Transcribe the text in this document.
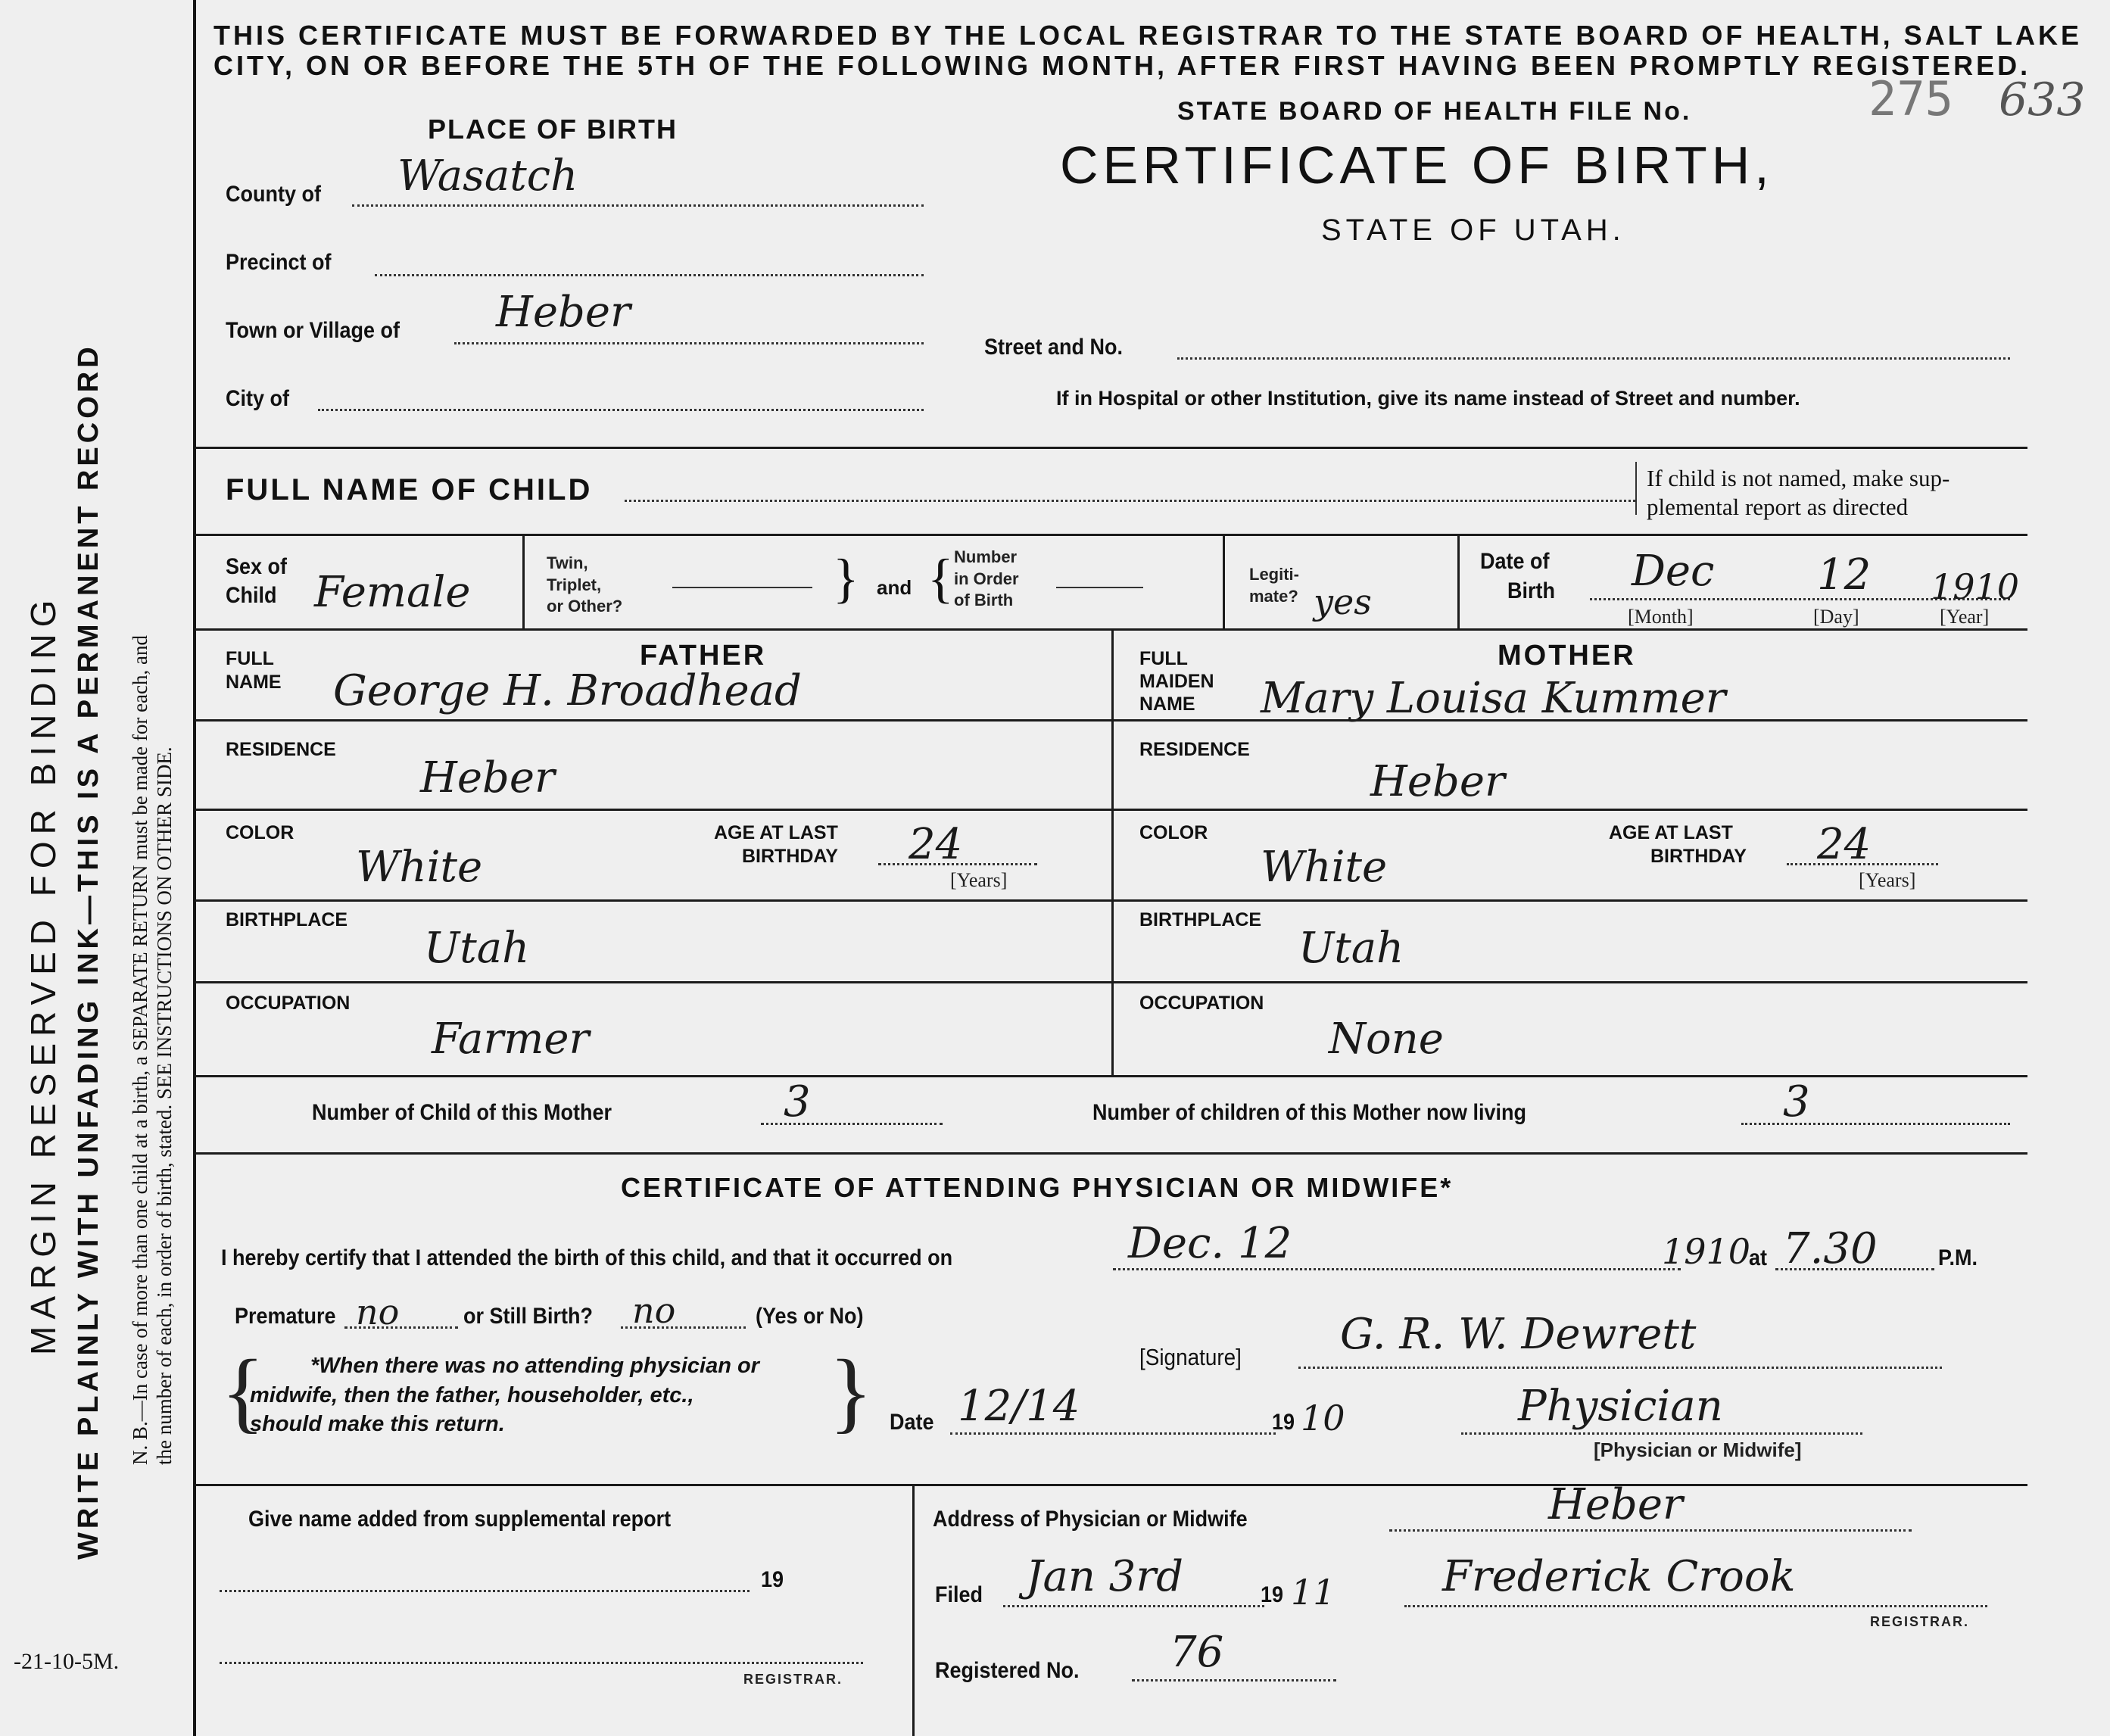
MARGIN RESERVED FOR BINDING WRITE PLAINLY WITH UNFADING INK—THIS IS A PERMANENT RECORD N. B.—In case of more than one child at a birth, a SEPARATE RETURN must be made for each, and the number of each, in order of birth, stated. SEE INSTRUCTIONS ON OTHER SIDE.
-21-10-5M.
THIS CERTIFICATE MUST BE FORWARDED BY THE LOCAL REGISTRAR TO THE STATE BOARD OF HEALTH, SALT LAKE
CITY, ON OR BEFORE THE 5TH OF THE FOLLOWING MONTH, AFTER FIRST HAVING BEEN PROMPTLY REGISTERED.
STATE BOARD OF HEALTH FILE No.	275 633
CERTIFICATE OF BIRTH,
STATE OF UTAH.
PLACE OF BIRTH
County of Wasatch
Precinct of
Town or Village of Heber
City of
Street and No.
If in Hospital or other Institution, give its name instead of Street and number.
FULL NAME OF CHILD	If child is not named, make sup-
plemental report as directed
Sex of
Child Female
Twin,
Triplet,
or Other?	} and { Number
in Order
of Birth
Legiti-
mate? yes
Date of
Birth Dec 12 1910
[Month]	[Day]	[Year]
FATHER
FULL
NAME George H. Broadhead
RESIDENCE
Heber
COLOR
White
AGE AT LAST
BIRTHDAY 24
[Years]
BIRTHPLACE
Utah
OCCUPATION
Farmer
MOTHER
FULL
MAIDEN
NAME	Mary Louisa Kummer
RESIDENCE
Heber
COLOR
White
AGE AT LAST
BIRTHDAY 24
[Years]
BIRTHPLACE
Utah
OCCUPATION
None
Number of Child of this Mother	3	Number of children of this Mother now living	3
CERTIFICATE OF ATTENDING PHYSICIAN OR MIDWIFE*
I hereby certify that I attended the birth of this child, and that it occurred on	Dec. 12	1910
at 7.30	P.M.
Premature no	or Still Birth? no	(Yes or No)
{	*When there was no attending physician or
midwife, then the father, householder, etc.,
should make this return.	}	[Signature] G. R. W. Dewrett
Date 12/14	19 10	Physician
[Physician or Midwife]
Give name added from supplemental report
19
REGISTRAR.
Address of Physician or Midwife	Heber
Filed Jan 3rd	19 11	Frederick Crook
REGISTRAR.
Registered No. 76
